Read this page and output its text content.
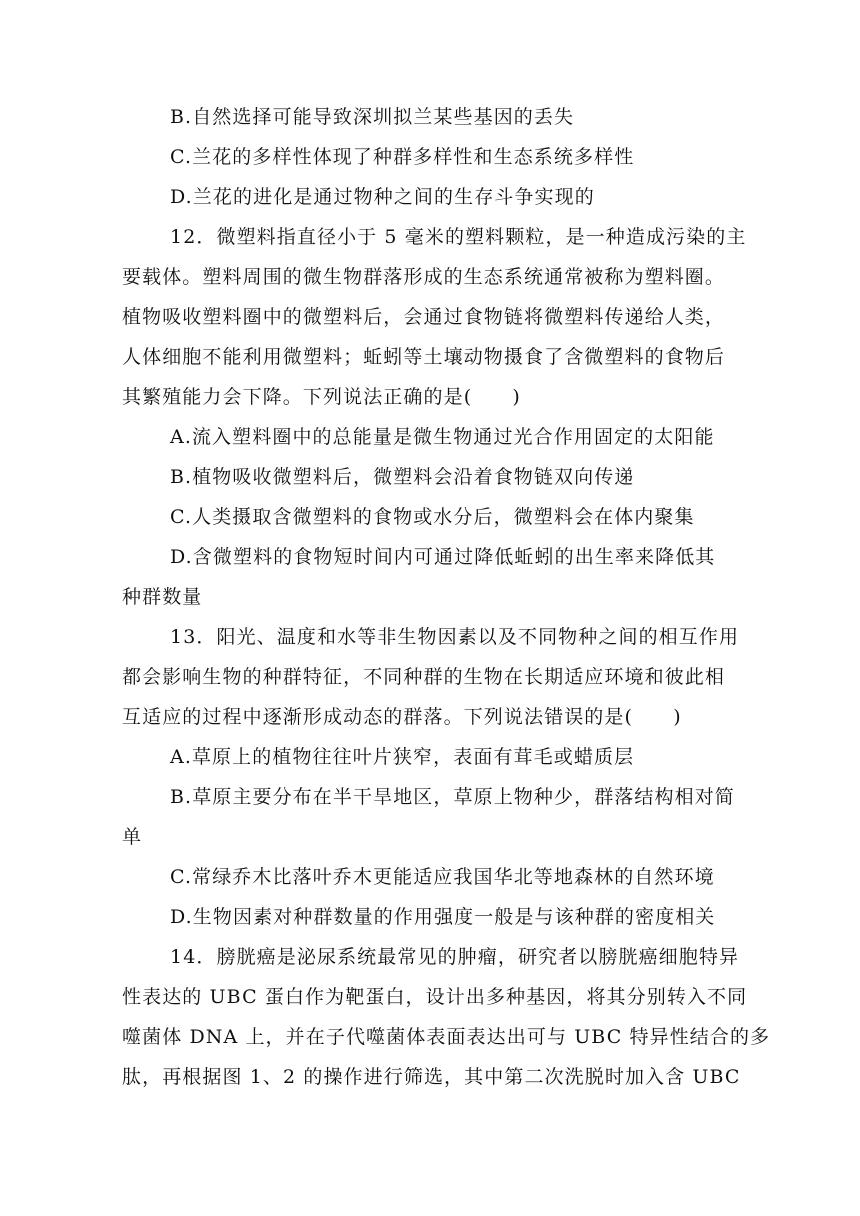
B.自然选择可能导致深圳拟兰某些基因的丢失
C.兰花的多样性体现了种群多样性和生态系统多样性
D.兰花的进化是通过物种之间的生存斗争实现的
12．微塑料指直径小于 5 毫米的塑料颗粒，是一种造成污染的主
要载体。塑料周围的微生物群落形成的生态系统通常被称为塑料圈。
植物吸收塑料圈中的微塑料后，会通过食物链将微塑料传递给人类，
人体细胞不能利用微塑料；蚯蚓等土壤动物摄食了含微塑料的食物后
其繁殖能力会下降。下列说法正确的是(　　)
A.流入塑料圈中的总能量是微生物通过光合作用固定的太阳能
B.植物吸收微塑料后，微塑料会沿着食物链双向传递
C.人类摄取含微塑料的食物或水分后，微塑料会在体内聚集
D.含微塑料的食物短时间内可通过降低蚯蚓的出生率来降低其
种群数量
13．阳光、温度和水等非生物因素以及不同物种之间的相互作用
都会影响生物的种群特征，不同种群的生物在长期适应环境和彼此相
互适应的过程中逐渐形成动态的群落。下列说法错误的是(　　)
A.草原上的植物往往叶片狭窄，表面有茸毛或蜡质层
B.草原主要分布在半干旱地区，草原上物种少，群落结构相对简
单
C.常绿乔木比落叶乔木更能适应我国华北等地森林的自然环境
D.生物因素对种群数量的作用强度一般是与该种群的密度相关
14．膀胱癌是泌尿系统最常见的肿瘤，研究者以膀胱癌细胞特异
性表达的 UBC 蛋白作为靶蛋白，设计出多种基因，将其分别转入不同
噬菌体 DNA 上，并在子代噬菌体表面表达出可与 UBC 特异性结合的多
肽，再根据图 1、2 的操作进行筛选，其中第二次洗脱时加入含 UBC
